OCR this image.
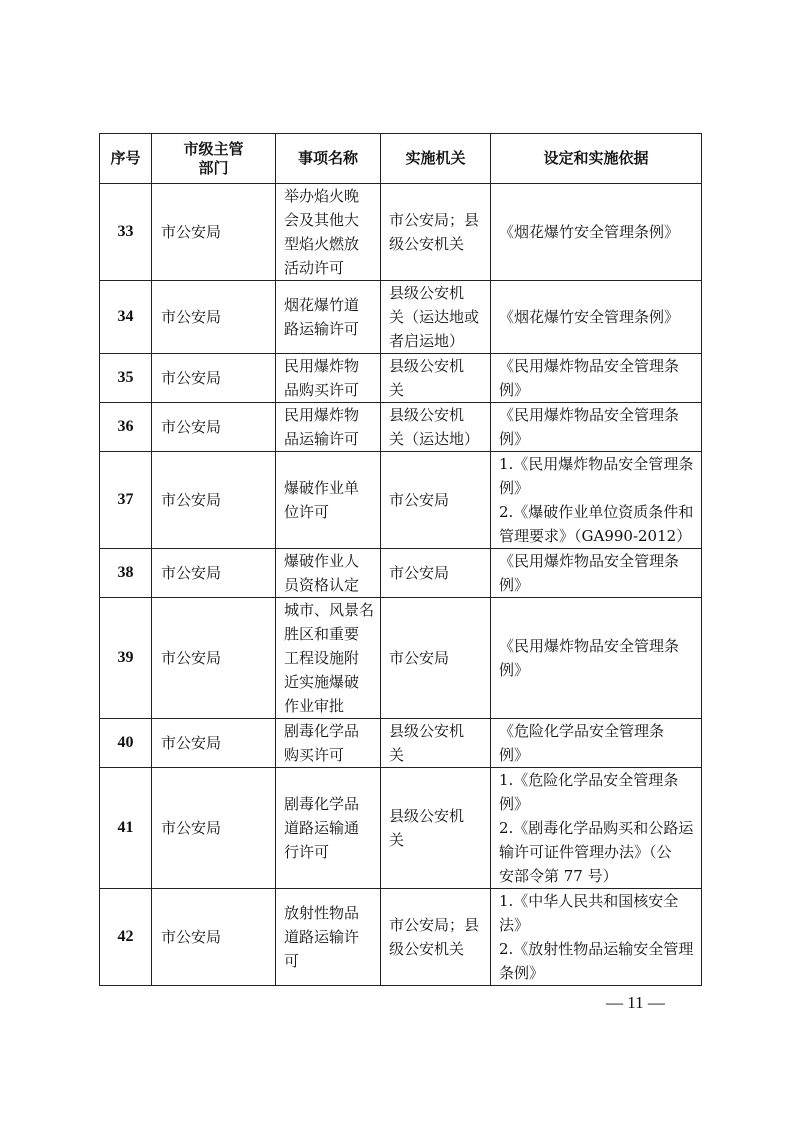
序号	市级主管
部门	事项名称	实施机关	设定和实施依据

33	市公安局	举办焰火晚
会及其他大
型焰火燃放
活动许可	市公安局；县
级公安机关	《烟花爆竹安全管理条例》

34	市公安局	烟花爆竹道
路运输许可	县级公安机
关（运达地或
者启运地）	《烟花爆竹安全管理条例》

35	市公安局	民用爆炸物
品购买许可	县级公安机
关	《民用爆炸物品安全管理条
例》

36	市公安局	民用爆炸物
品运输许可	县级公安机
关（运达地）	《民用爆炸物品安全管理条
例》

37	市公安局	爆破作业单
位许可	市公安局	1.《民用爆炸物品安全管理条
例》
2.《爆破作业单位资质条件和
管理要求》（GA990-2012）

38	市公安局	爆破作业人
员资格认定	市公安局	《民用爆炸物品安全管理条
例》

39	市公安局	城市、风景名
胜区和重要
工程设施附
近实施爆破
作业审批	市公安局	《民用爆炸物品安全管理条
例》

40	市公安局	剧毒化学品
购买许可	县级公安机
关	《危险化学品安全管理条
例》

41	市公安局	剧毒化学品
道路运输通
行许可	县级公安机
关	1.《危险化学品安全管理条
例》
2.《剧毒化学品购买和公路运
输许可证件管理办法》（公
安部令第 77 号）

42	市公安局	放射性物品
道路运输许
可	市公安局；县
级公安机关	1.《中华人民共和国核安全
法》
2.《放射性物品运输安全管理
条例》
— 11 —
